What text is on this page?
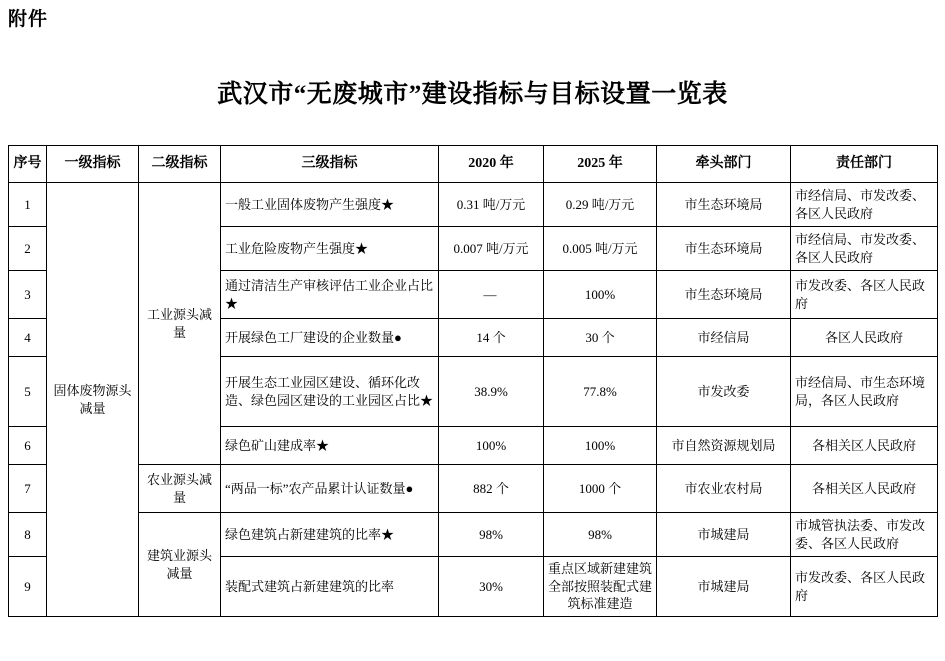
附件
武汉市“无废城市”建设指标与目标设置一览表
序号	一级指标	二级指标	三级指标	2020 年	2025 年	牵头部门	责任部门
1	固体废物源头减量	工业源头减量	一般工业固体废物产生强度★	0.31 吨/万元	0.29 吨/万元	市生态环境局	市经信局、市发改委、各区人民政府
2			工业危险废物产生强度★	0.007 吨/万元	0.005 吨/万元	市生态环境局	市经信局、市发改委、各区人民政府
3			通过清洁生产审核评估工业企业占比★	—	100%	市生态环境局	市发改委、各区人民政府
4			开展绿色工厂建设的企业数量●	14 个	30 个	市经信局	各区人民政府
5			开展生态工业园区建设、循环化改造、绿色园区建设的工业园区占比★	38.9%	77.8%	市发改委	市经信局、市生态环境局，各区人民政府
6			绿色矿山建成率★	100%	100%	市自然资源规划局	各相关区人民政府
7		农业源头减量	“两品一标”农产品累计认证数量●	882 个	1000 个	市农业农村局	各相关区人民政府
8		建筑业源头减量	绿色建筑占新建建筑的比率★	98%	98%	市城建局	市城管执法委、市发改委、各区人民政府
9			装配式建筑占新建建筑的比率	30%	重点区域新建建筑全部按照装配式建筑标准建造	市城建局	市发改委、各区人民政府
